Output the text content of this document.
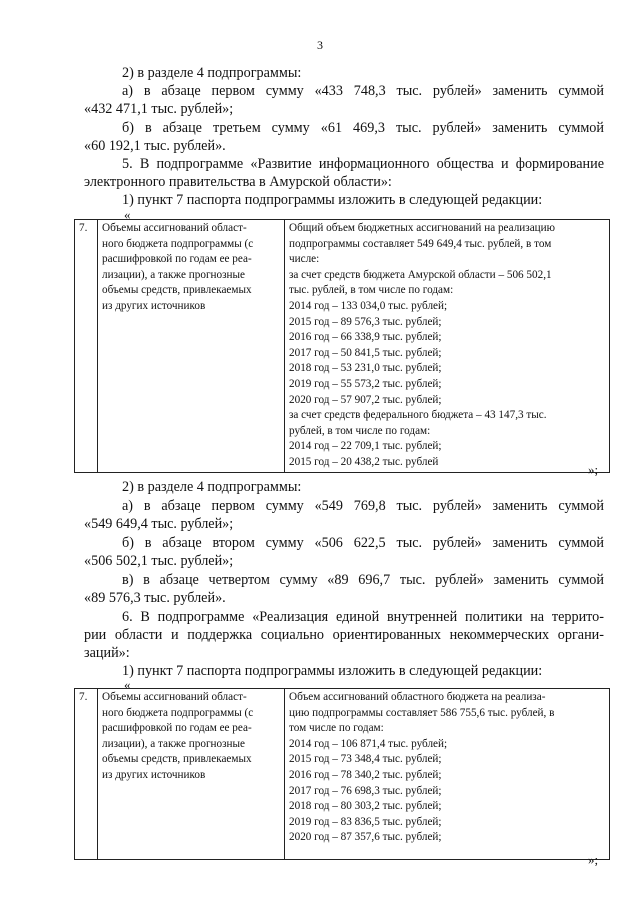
3

2) в разделе 4 подпрограммы:

а) в абзаце первом сумму «433 748,3 тыс. рублей» заменить суммой

«432 471,1 тыс. рублей»;

б) в абзаце третьем сумму «61 469,3 тыс. рублей» заменить суммой

«60 192,1 тыс. рублей».

5. В подпрограмме «Развитие информационного общества и формирование

электронного правительства в Амурской области»:

1) пункт 7 паспорта подпрограммы изложить в следующей редакции:

«
7.	Объемы ассигнований област-
ного бюджета подпрограммы (с
расшифровкой по годам ее реа-
лизации), а также прогнозные
объемы средств, привлекаемых
из других источников

Общий объем бюджетных ассигнований на реализацию
подпрограммы составляет 549 649,4 тыс. рублей, в том
числе:
за счет средств бюджета Амурской области – 506 502,1
тыс. рублей, в том числе по годам:
2014 год – 133 034,0 тыс. рублей;
2015 год – 89 576,3 тыс. рублей;
2016 год – 66 338,9 тыс. рублей;
2017 год – 50 841,5 тыс. рублей;
2018 год – 53 231,0 тыс. рублей;
2019 год – 55 573,2 тыс. рублей;
2020 год – 57 907,2 тыс. рублей;
за счет средств федерального бюджета – 43 147,3 тыс.
рублей, в том числе по годам:
2014 год – 22 709,1 тыс. рублей;
2015 год – 20 438,2 тыс. рублей
»;

2) в разделе 4 подпрограммы:

а) в абзаце первом сумму «549 769,8 тыс. рублей» заменить суммой

«549 649,4 тыс. рублей»;

б) в абзаце втором сумму «506 622,5 тыс. рублей» заменить суммой

«506 502,1 тыс. рублей»;

в) в абзаце четвертом сумму «89 696,7 тыс. рублей» заменить суммой

«89 576,3 тыс. рублей».

6. В подпрограмме «Реализация единой внутренней политики на террито-

рии области и поддержка социально ориентированных некоммерческих органи-

заций»:

1) пункт 7 паспорта подпрограммы изложить в следующей редакции:

«
7.	Объемы ассигнований област-
ного бюджета подпрограммы (с
расшифровкой по годам ее реа-
лизации), а также прогнозные
объемы средств, привлекаемых
из других источников

Объем ассигнований областного бюджета на реализа-
цию подпрограммы составляет 586 755,6 тыс. рублей, в
том числе по годам:
2014 год – 106 871,4 тыс. рублей;
2015 год – 73 348,4 тыс. рублей;
2016 год – 78 340,2 тыс. рублей;
2017 год – 76 698,3 тыс. рублей;
2018 год – 80 303,2 тыс. рублей;
2019 год – 83 836,5 тыс. рублей;
2020 год – 87 357,6 тыс. рублей;
»;
